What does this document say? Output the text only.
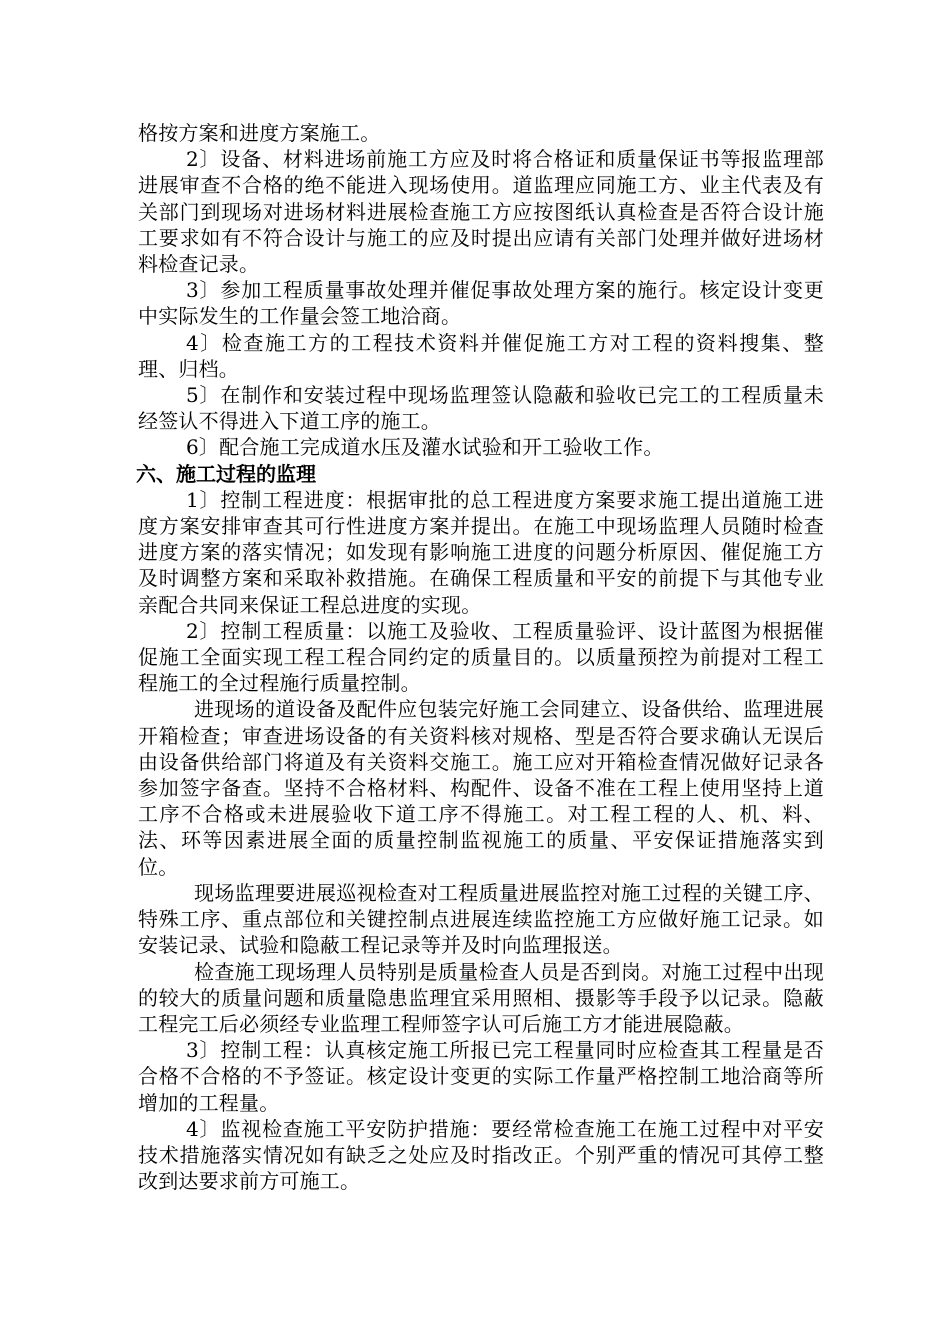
格按方案和进度方案施工。

2〕设备、材料进场前施工方应及时将合格证和质量保证书等报监理部进展审查不合格的绝不能进入现场使用。道监理应同施工方、业主代表及有关部门到现场对进场材料进展检查施工方应按图纸认真检查是否符合设计施工要求如有不符合设计与施工的应及时提出应请有关部门处理并做好进场材料检查记录。

3〕参加工程质量事故处理并催促事故处理方案的施行。核定设计变更中实际发生的工作量会签工地洽商。

4〕检查施工方的工程技术资料并催促施工方对工程的资料搜集、整理、归档。

5〕在制作和安装过程中现场监理签认隐蔽和验收已完工的工程质量未经签认不得进入下道工序的施工。

6〕配合施工完成道水压及灌水试验和开工验收工作。

六、施工过程的监理

1〕控制工程进度：根据审批的总工程进度方案要求施工提出道施工进度方案安排审查其可行性进度方案并提出。在施工中现场监理人员随时检查进度方案的落实情况；如发现有影响施工进度的问题分析原因、催促施工方及时调整方案和采取补救措施。在确保工程质量和平安的前提下与其他专业亲配合共同来保证工程总进度的实现。

2〕控制工程质量：以施工及验收、工程质量验评、设计蓝图为根据催促施工全面实现工程工程合同约定的质量目的。以质量预控为前提对工程工程施工的全过程施行质量控制。

进现场的道设备及配件应包装完好施工会同建立、设备供给、监理进展开箱检查；审查进场设备的有关资料核对规格、型是否符合要求确认无误后由设备供给部门将道及有关资料交施工。施工应对开箱检查情况做好记录各参加签字备查。坚持不合格材料、构配件、设备不准在工程上使用坚持上道工序不合格或未进展验收下道工序不得施工。对工程工程的人、机、料、法、环等因素进展全面的质量控制监视施工的质量、平安保证措施落实到位。

现场监理要进展巡视检查对工程质量进展监控对施工过程的关键工序、特殊工序、重点部位和关键控制点进展连续监控施工方应做好施工记录。如安装记录、试验和隐蔽工程记录等并及时向监理报送。

检查施工现场理人员特别是质量检查人员是否到岗。对施工过程中出现的较大的质量问题和质量隐患监理宜采用照相、摄影等手段予以记录。隐蔽工程完工后必须经专业监理工程师签字认可后施工方才能进展隐蔽。

3〕控制工程：认真核定施工所报已完工程量同时应检查其工程量是否合格不合格的不予签证。核定设计变更的实际工作量严格控制工地洽商等所增加的工程量。

4〕监视检查施工平安防护措施：要经常检查施工在施工过程中对平安技术措施落实情况如有缺乏之处应及时指改正。个别严重的情况可其停工整改到达要求前方可施工。
